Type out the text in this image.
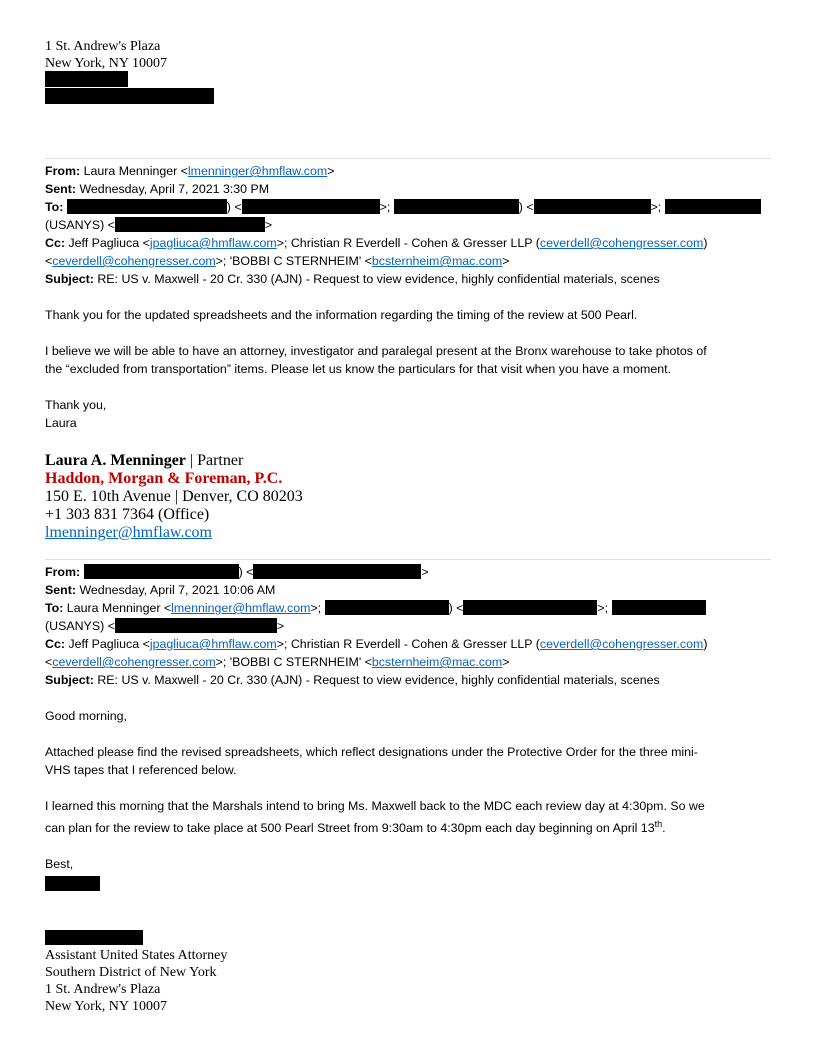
1 St. Andrew's Plaza
New York, NY 10007
From: Laura Menninger <lmenninger@hmflaw.com>
Sent: Wednesday, April 7, 2021 3:30 PM
To:	) <	>;	) <	>;
(USANYS) <	>
Cc: Jeff Pagliuca <jpagliuca@hmflaw.com>; Christian R Everdell - Cohen & Gresser LLP (ceverdell@cohengresser.com)
<ceverdell@cohengresser.com>; 'BOBBI C STERNHEIM' <bcsternheim@mac.com>
Subject: RE: US v. Maxwell - 20 Cr. 330 (AJN) - Request to view evidence, highly confidential materials, scenes
Thank you for the updated spreadsheets and the information regarding the timing of the review at 500 Pearl.
I believe we will be able to have an attorney, investigator and paralegal present at the Bronx warehouse to take photos of
the “excluded from transportation” items. Please let us know the particulars for that visit when you have a moment.
Thank you,
Laura
Laura A. Menninger | Partner
Haddon, Morgan & Foreman, P.C.
150 E. 10th Avenue | Denver, CO 80203
+1 303 831 7364 (Office)
lmenninger@hmflaw.com
From:	) <	>
Sent: Wednesday, April 7, 2021 10:06 AM
To: Laura Menninger <lmenninger@hmflaw.com>;	) <	>;
(USANYS) <	>
Cc: Jeff Pagliuca <jpagliuca@hmflaw.com>; Christian R Everdell - Cohen & Gresser LLP (ceverdell@cohengresser.com)
<ceverdell@cohengresser.com>; 'BOBBI C STERNHEIM' <bcsternheim@mac.com>
Subject: RE: US v. Maxwell - 20 Cr. 330 (AJN) - Request to view evidence, highly confidential materials, scenes
Good morning,
Attached please find the revised spreadsheets, which reflect designations under the Protective Order for the three mini-
VHS tapes that I referenced below.
I learned this morning that the Marshals intend to bring Ms. Maxwell back to the MDC each review day at 4:30pm. So we
can plan for the review to take place at 500 Pearl Street from 9:30am to 4:30pm each day beginning on April 13th.
Best,
Assistant United States Attorney
Southern District of New York
1 St. Andrew's Plaza
New York, NY 10007
